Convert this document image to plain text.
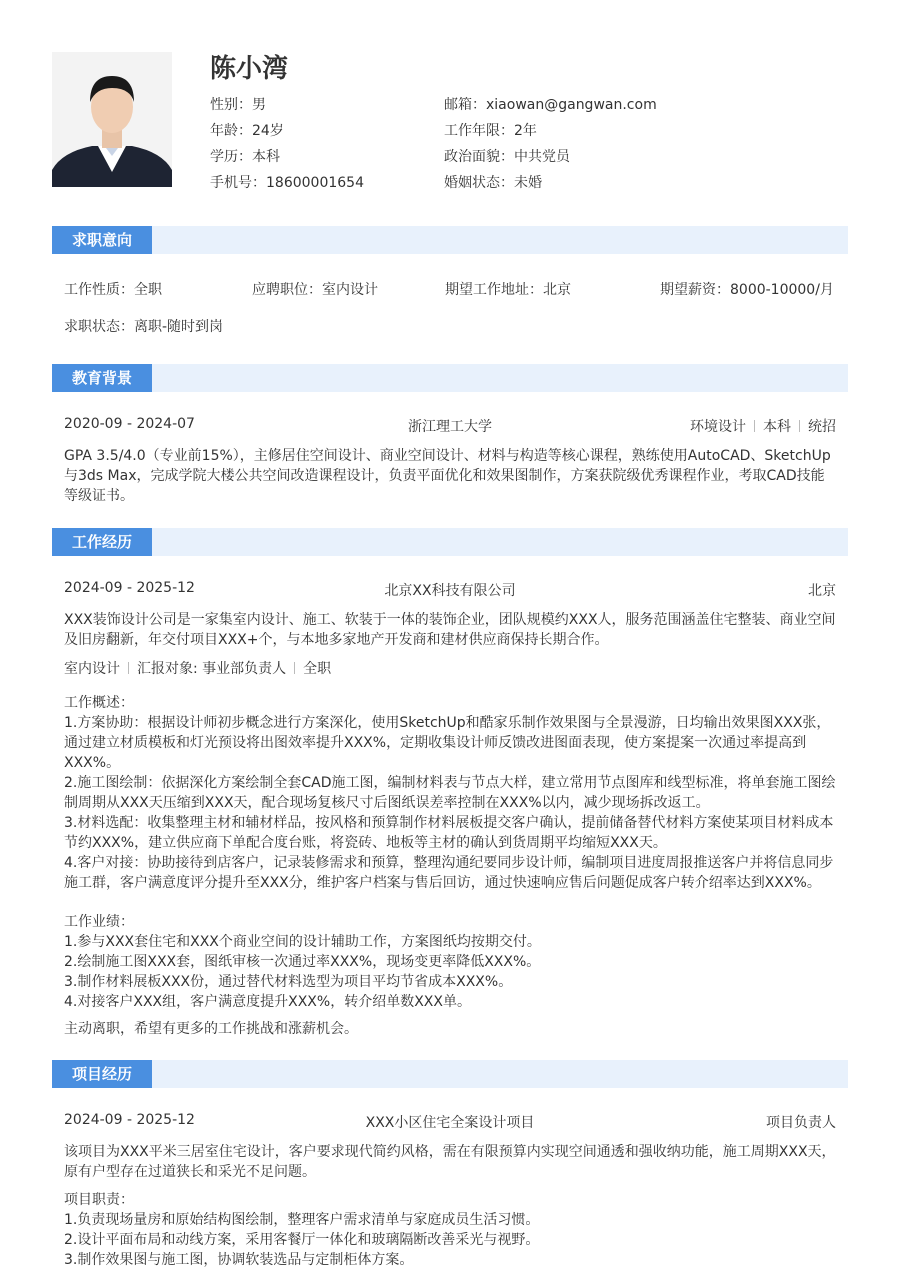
陈小湾
性别：男
年龄：24岁
学历：本科
手机号：18600001654
邮箱：xiaowan@gangwan.com
工作年限：2年
政治面貌：中共党员
婚姻状态：未婚
求职意向
工作性质：全职	应聘职位：室内设计	期望工作地址：北京	期望薪资：8000-10000/月
求职状态：离职-随时到岗
教育背景
2020-09 - 2024-07	浙江理工大学	环境设计 本科 统招
GPA 3.5/4.0（专业前15%），主修居住空间设计、商业空间设计、材料与构造等核心课程，熟练使用AutoCAD、SketchUp与3ds Max，完成学院大楼公共空间改造课程设计，负责平面优化和效果图制作，方案获院级优秀课程作业，考取CAD技能等级证书。
工作经历
2024-09 - 2025-12	北京XX科技有限公司	北京
XXX装饰设计公司是一家集室内设计、施工、软装于一体的装饰企业，团队规模约XXX人，服务范围涵盖住宅整装、商业空间及旧房翻新，年交付项目XXX+个，与本地多家地产开发商和建材供应商保持长期合作。
室内设计 汇报对象: 事业部负责人 全职
工作概述：
1.方案协助：根据设计师初步概念进行方案深化，使用SketchUp和酷家乐制作效果图与全景漫游，日均输出效果图XXX张，通过建立材质模板和灯光预设将出图效率提升XXX%，定期收集设计师反馈改进图面表现，使方案提案一次通过率提高到XXX%。
2.施工图绘制：依据深化方案绘制全套CAD施工图，编制材料表与节点大样，建立常用节点图库和线型标准，将单套施工图绘制周期从XXX天压缩到XXX天，配合现场复核尺寸后图纸误差率控制在XXX%以内，减少现场拆改返工。
3.材料选配：收集整理主材和辅材样品，按风格和预算制作材料展板提交客户确认，提前储备替代材料方案使某项目材料成本节约XXX%，建立供应商下单配合度台账，将瓷砖、地板等主材的确认到货周期平均缩短XXX天。
4.客户对接：协助接待到店客户，记录装修需求和预算，整理沟通纪要同步设计师，编制项目进度周报推送客户并将信息同步施工群，客户满意度评分提升至XXX分，维护客户档案与售后回访，通过快速响应售后问题促成客户转介绍率达到XXX%。
工作业绩：
1.参与XXX套住宅和XXX个商业空间的设计辅助工作，方案图纸均按期交付。
2.绘制施工图XXX套，图纸审核一次通过率XXX%，现场变更率降低XXX%。
3.制作材料展板XXX份，通过替代材料选型为项目平均节省成本XXX%。
4.对接客户XXX组，客户满意度提升XXX%，转介绍单数XXX单。
主动离职，希望有更多的工作挑战和涨薪机会。
项目经历
2024-09 - 2025-12	XXX小区住宅全案设计项目	项目负责人
该项目为XXX平米三居室住宅设计，客户要求现代简约风格，需在有限预算内实现空间通透和强收纳功能，施工周期XXX天，原有户型存在过道狭长和采光不足问题。
项目职责：
1.负责现场量房和原始结构图绘制，整理客户需求清单与家庭成员生活习惯。
2.设计平面布局和动线方案，采用客餐厅一体化和玻璃隔断改善采光与视野。
3.制作效果图与施工图，协调软装选品与定制柜体方案。
